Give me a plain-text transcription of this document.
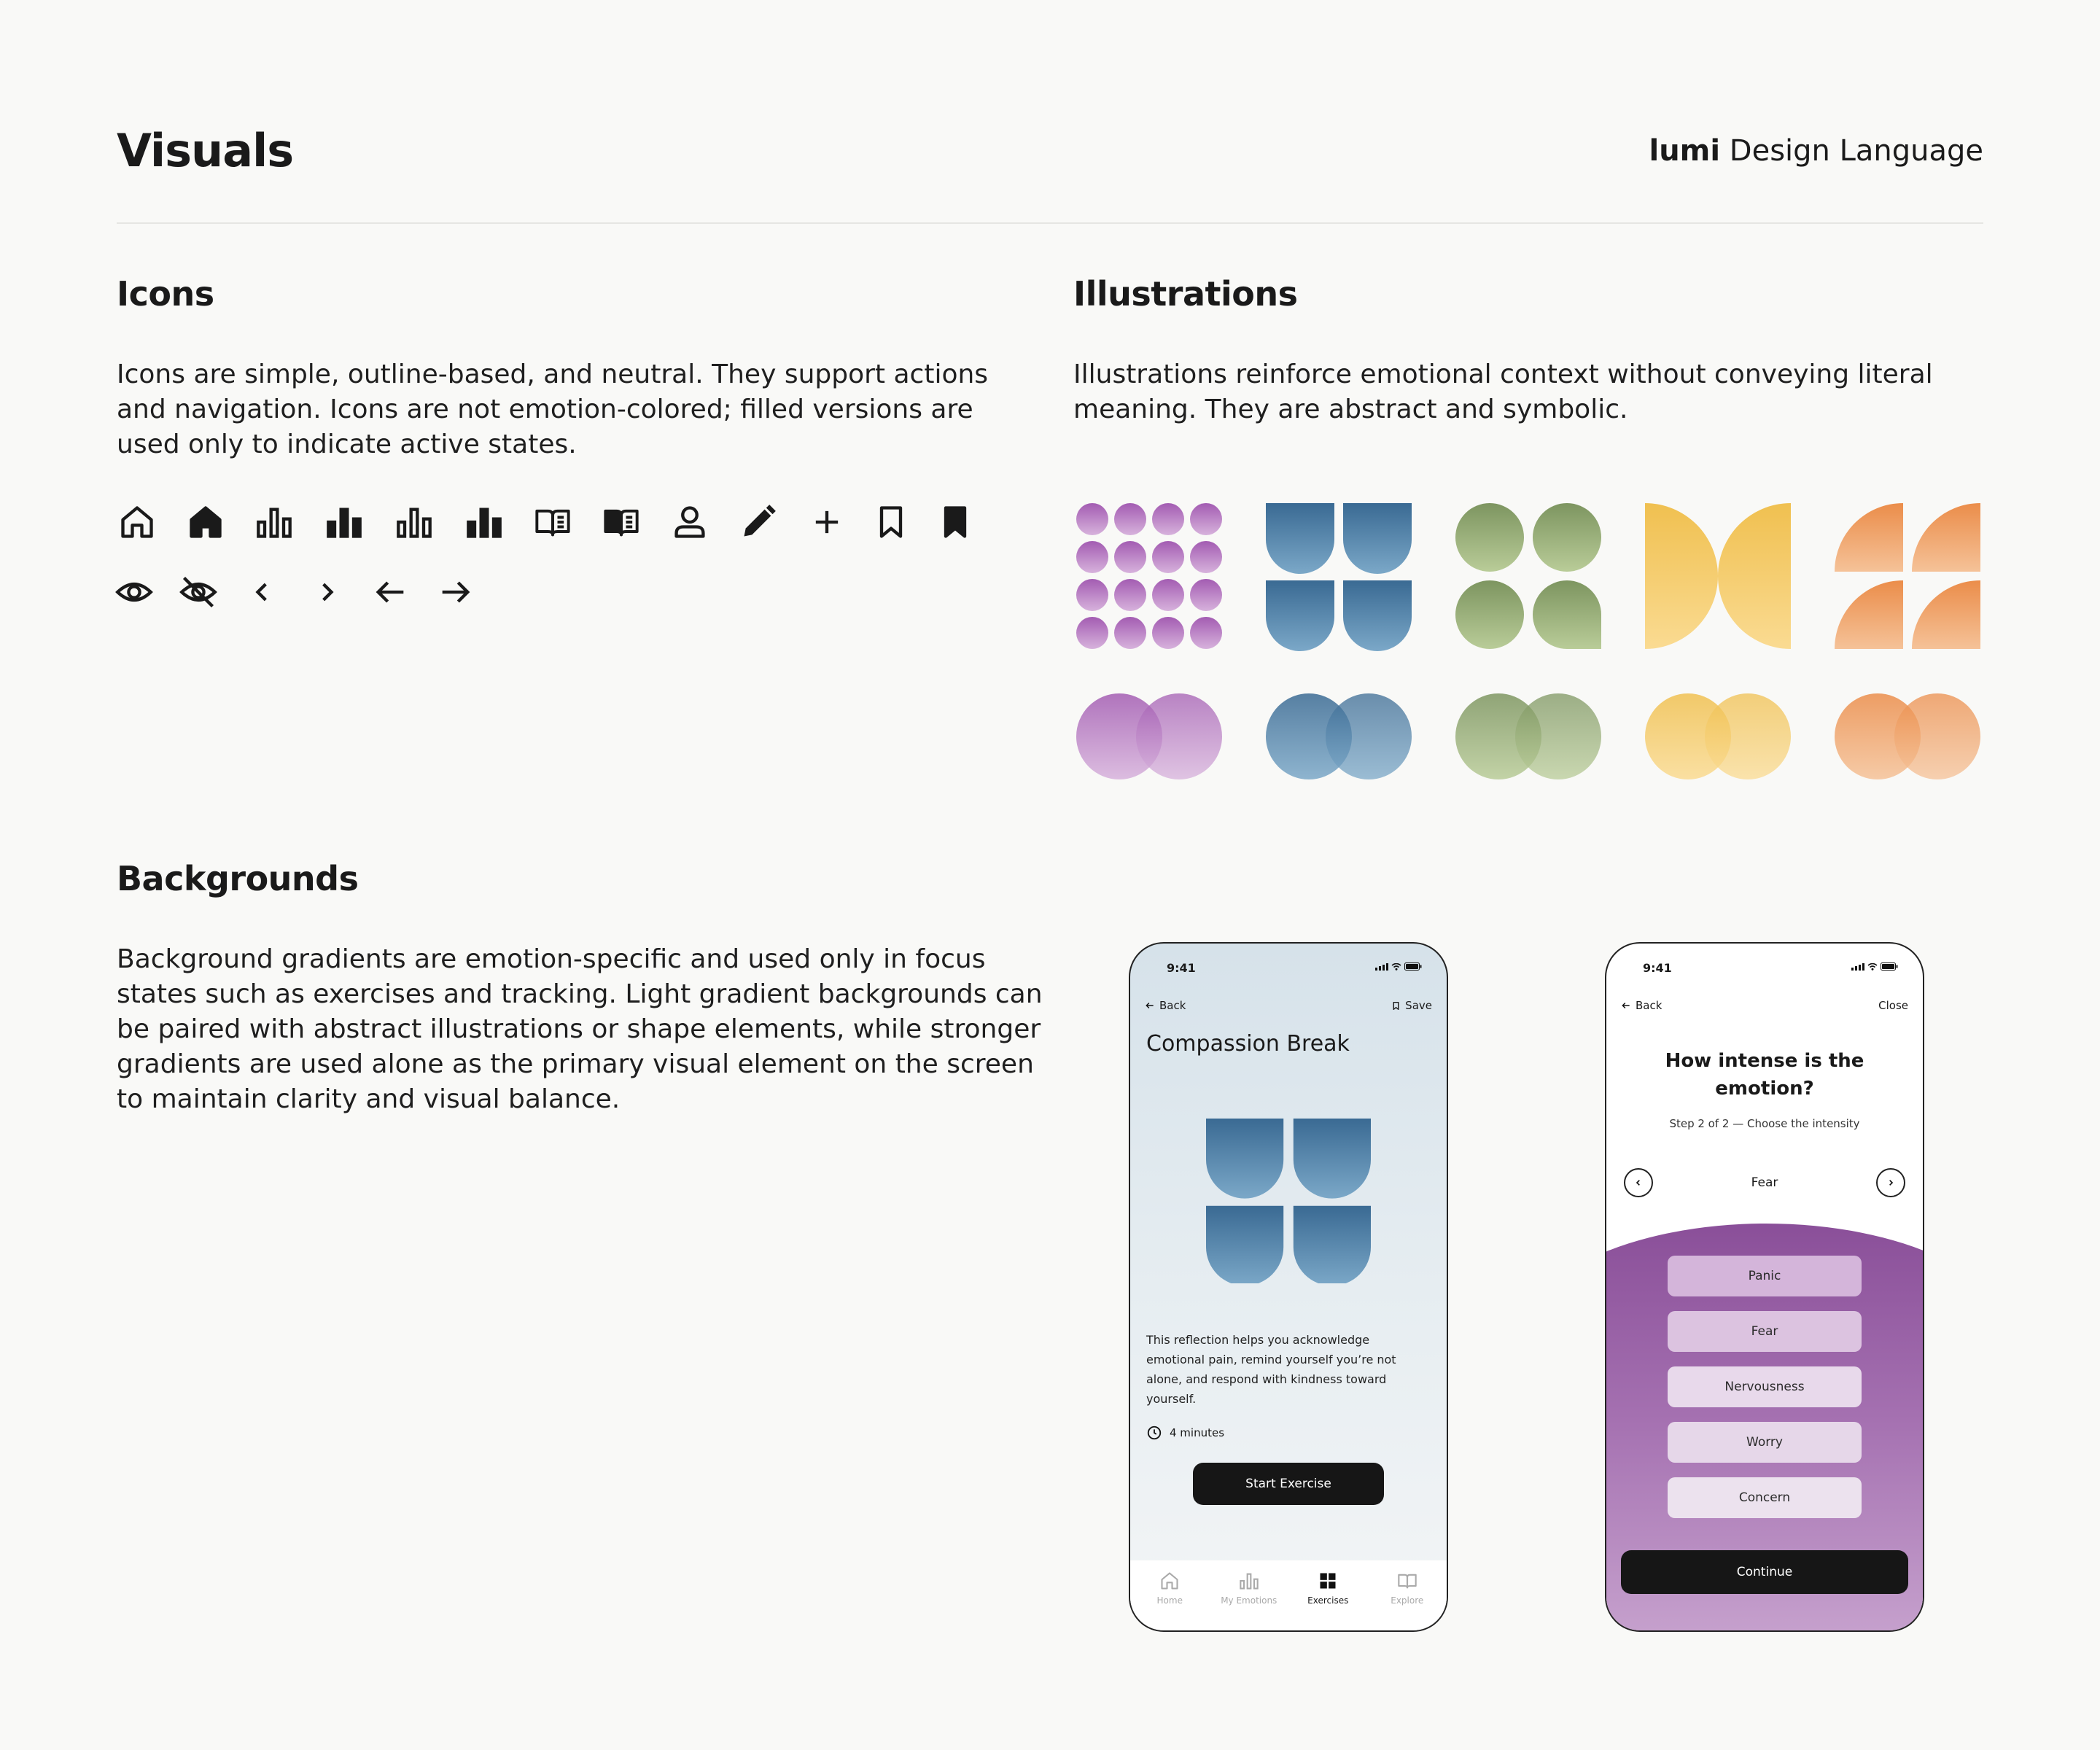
Visuals	lumi Design Language
Icons
Icons are simple, outline-based, and neutral. They support actions and navigation. Icons are not emotion-colored; filled versions are used only to indicate active states.
Illustrations
Illustrations reinforce emotional context without conveying literal meaning. They are abstract and symbolic.
Backgrounds
Background gradients are emotion-specific and used only in focus states such as exercises and tracking. Light gradient backgrounds can be paired with abstract illustrations or shape elements, while stronger gradients are used alone as the primary visual element on the screen to maintain clarity and visual balance.
9:41
Back	Save
Compassion Break
This reflection helps you acknowledge emotional pain, remind yourself you’re not alone, and respond with kindness toward yourself.
4 minutes
Start Exercise
Home	My Emotions	Exercises	Explore
9:41
Back	Close
How intense is the emotion?
Step 2 of 2 — Choose the intensity
Fear
Panic
Fear
Nervousness
Worry
Concern
Continue
